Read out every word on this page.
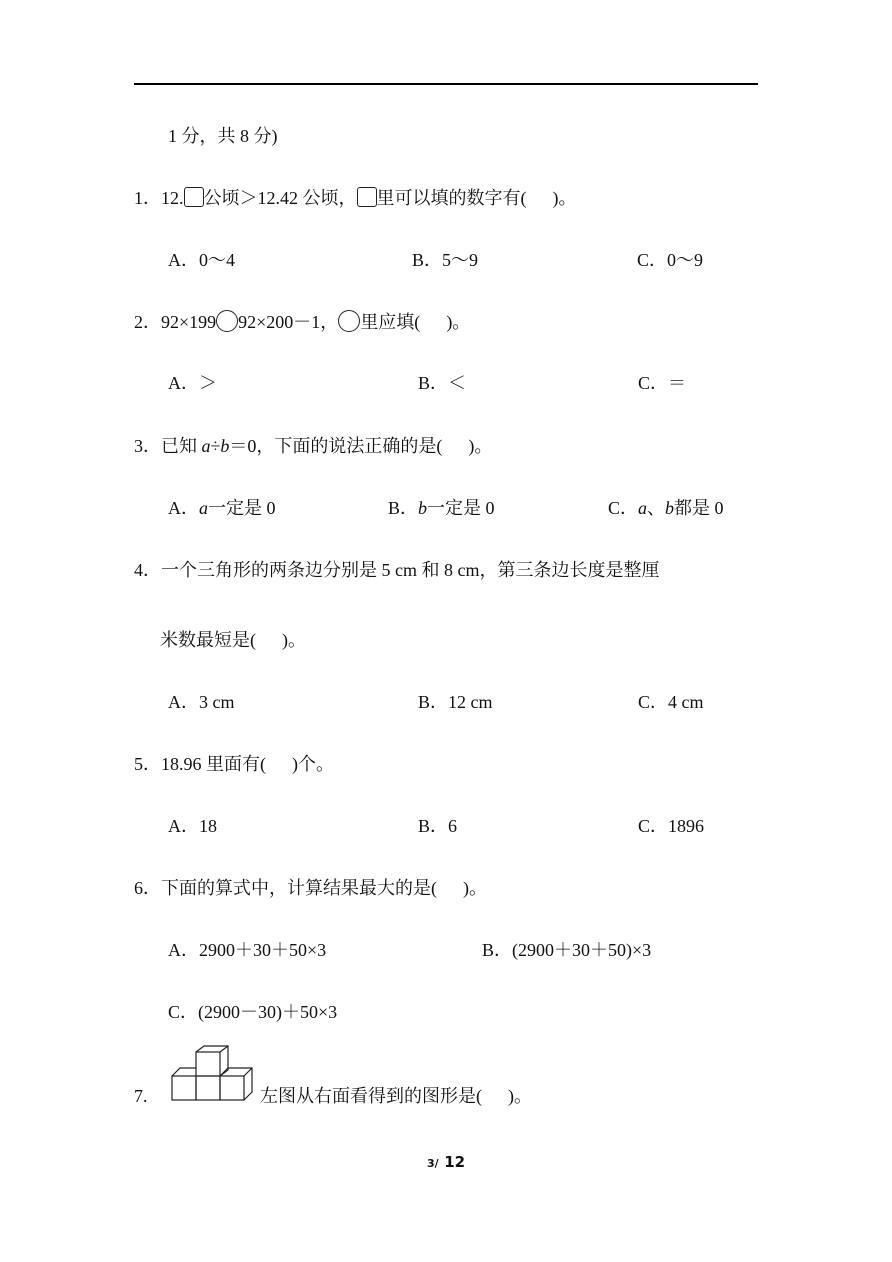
1 分，共 8 分)
1．12. 公顷＞12.42 公顷， 里可以填的数字有( )。
A．0～4	B．5～9	C．0～9
2．92×199 92×200－1， 里应填( )。
A．＞	B．＜	C．＝
3．已知 a÷b＝0，下面的说法正确的是( )。
A．a一定是 0	B．b一定是 0	C．a、b都是 0
4．一个三角形的两条边分别是 5 cm 和 8 cm，第三条边长度是整厘
米数最短是( )。
A．3 cm	B．12 cm	C．4 cm
5．18.96 里面有( )个。
A．18	B．6	C．1896
6．下面的算式中，计算结果最大的是( )。
A．2900＋30＋50×3	B．(2900＋30＋50)×3
C．(2900－30)＋50×3
7.	左图从右面看得到的图形是( )。
3/ 12
